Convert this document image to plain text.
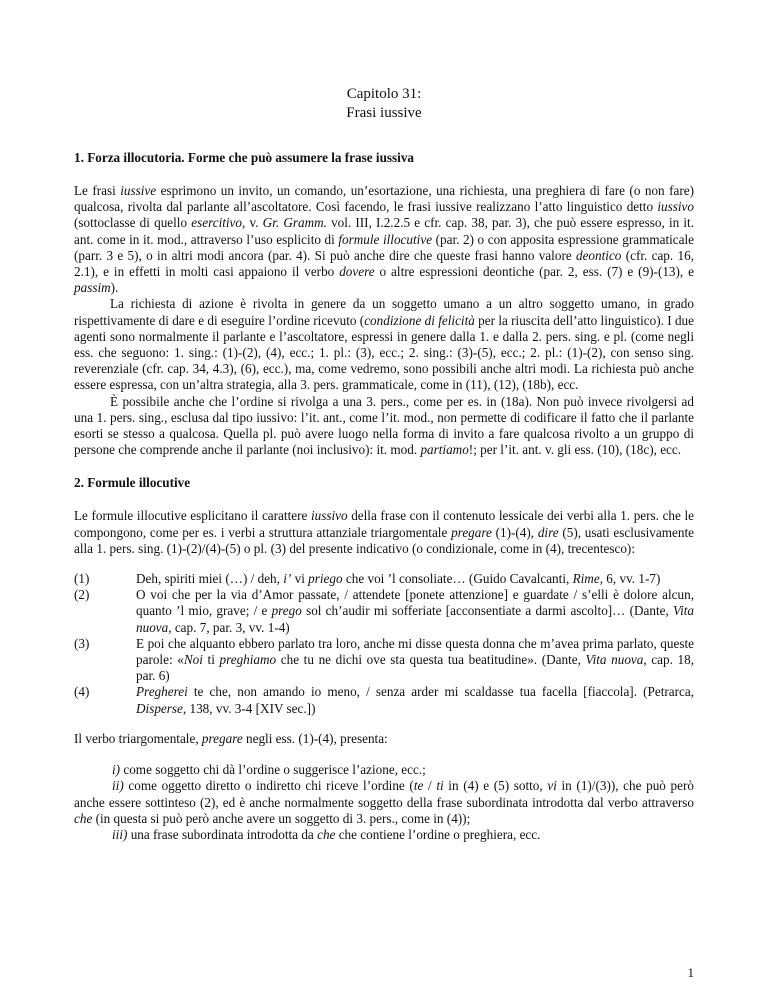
Capitolo 31:
Frasi iussive
1. Forza illocutoria. Forme che può assumere la frase iussiva

Le frasi iussive esprimono un invito, un comando, un’esortazione, una richiesta, una preghiera di fare (o non fare) qualcosa, rivolta dal parlante all’ascoltatore. Così facendo, le frasi iussive realizzano l’atto linguistico detto iussivo (sottoclasse di quello esercitivo, v. Gr. Gramm. vol. III, I.2.2.5 e cfr. cap. 38, par. 3), che può essere espresso, in it. ant. come in it. mod., attraverso l’uso esplicito di formule illocutive (par. 2) o con apposita espressione grammaticale (parr. 3 e 5), o in altri modi ancora (par. 4). Si può anche dire che queste frasi hanno valore deontico (cfr. cap. 16, 2.1), e in effetti in molti casi appaiono il verbo dovere o altre espressioni deontiche (par. 2, ess. (7) e (9)-(13), e passim).

La richiesta di azione è rivolta in genere da un soggetto umano a un altro soggetto umano, in grado rispettivamente di dare e di eseguire l’ordine ricevuto (condizione di felicità per la riuscita dell’atto linguistico). I due agenti sono normalmente il parlante e l’ascoltatore, espressi in genere dalla 1. e dalla 2. pers. sing. e pl. (come negli ess. che seguono: 1. sing.: (1)-(2), (4), ecc.; 1. pl.: (3), ecc.; 2. sing.: (3)-(5), ecc.; 2. pl.: (1)-(2), con senso sing. reverenziale (cfr. cap. 34, 4.3), (6), ecc.), ma, come vedremo, sono possibili anche altri modi. La richiesta può anche essere espressa, con un’altra strategia, alla 3. pers. grammaticale, come in (11), (12), (18b), ecc.

È possibile anche che l’ordine si rivolga a una 3. pers., come per es. in (18a). Non può invece rivolgersi ad una 1. pers. sing., esclusa dal tipo iussivo: l’it. ant., come l’it. mod., non permette di codificare il fatto che il parlante esorti se stesso a qualcosa. Quella pl. può avere luogo nella forma di invito a fare qualcosa rivolto a un gruppo di persone che comprende anche il parlante (noi inclusivo): it. mod. partiamo!; per l’it. ant. v. gli ess. (10), (18c), ecc.

2. Formule illocutive

Le formule illocutive esplicitano il carattere iussivo della frase con il contenuto lessicale dei verbi alla 1. pers. che le compongono, come per es. i verbi a struttura attanziale triargomentale pregare (1)-(4), dire (5), usati esclusivamente alla 1. pers. sing. (1)-(2)/(4)-(5) o pl. (3) del presente indicativo (o condizionale, come in (4), trecentesco):

(1)	Deh, spiriti miei (…) / deh, i’ vi priego che voi ’l consoliate… (Guido Cavalcanti, Rime, 6, vv. 1-7)
(2)	O voi che per la via d’Amor passate, / attendete [ponete attenzione] e guardate / s’elli è dolore alcun, quanto ’l mio, grave; / e prego sol ch’audir mi sofferiate [acconsentiate a darmi ascolto]… (Dante, Vita nuova, cap. 7, par. 3, vv. 1-4)
(3)	E poi che alquanto ebbero parlato tra loro, anche mi disse questa donna che m’avea prima parlato, queste parole: «Noi ti preghiamo che tu ne dichi ove sta questa tua beatitudine». (Dante, Vita nuova, cap. 18, par. 6)
(4)	Pregherei te che, non amando io meno, / senza arder mi scaldasse tua facella [fiaccola]. (Petrarca, Disperse, 138, vv. 3-4 [XIV sec.])

Il verbo triargomentale, pregare negli ess. (1)-(4), presenta:

i) come soggetto chi dà l’ordine o suggerisce l’azione, ecc.;

ii) come oggetto diretto o indiretto chi riceve l’ordine (te / ti in (4) e (5) sotto, vi in (1)/(3)), che può però anche essere sottinteso (2), ed è anche normalmente soggetto della frase subordinata introdotta dal verbo attraverso che (in questa si può però anche avere un soggetto di 3. pers., come in (4));

iii) una frase subordinata introdotta da che che contiene l’ordine o preghiera, ecc.

1
